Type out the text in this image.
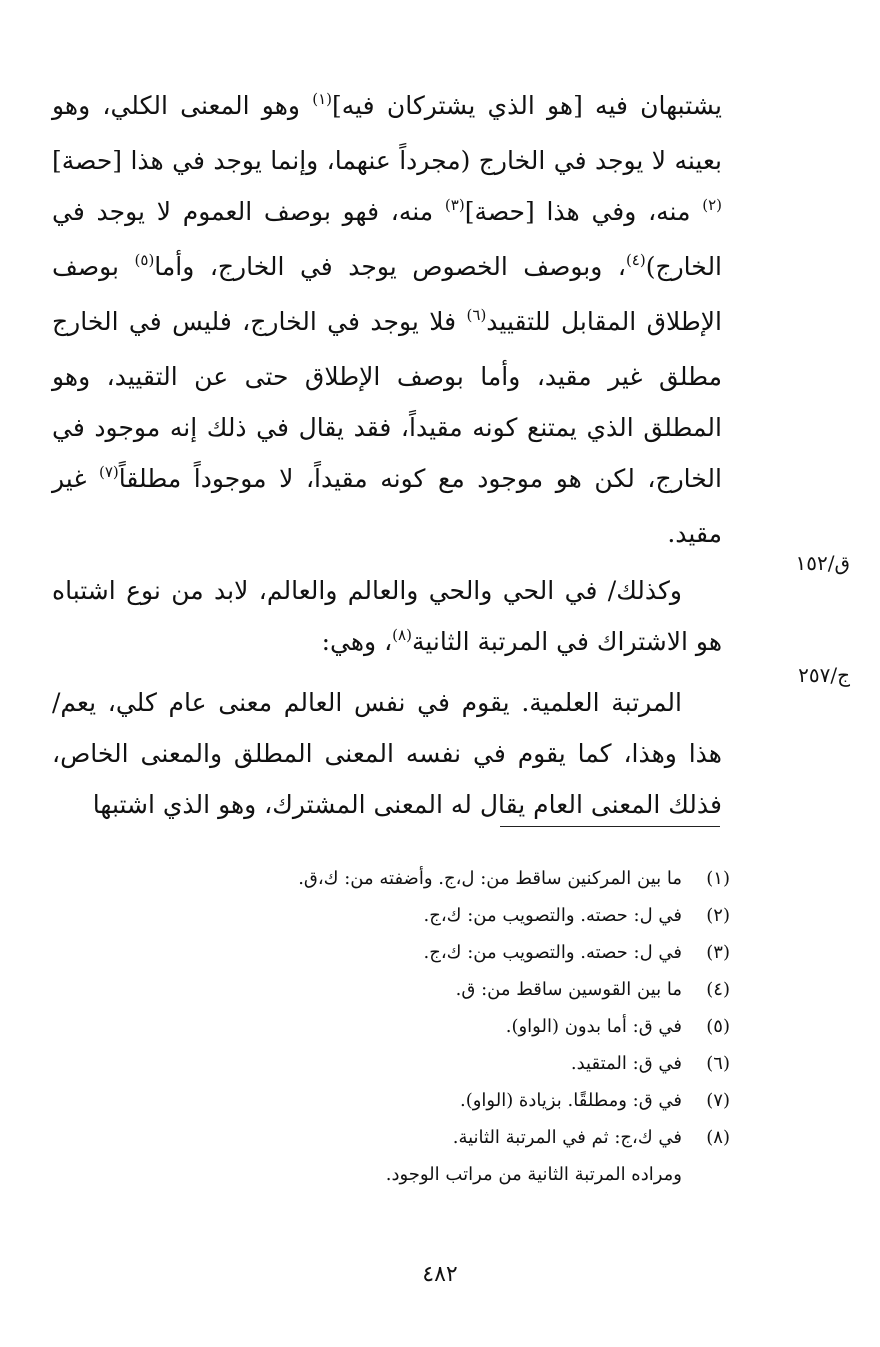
يشتبهان فيه [هو الذي يشتركان فيه]$^{(١)}$ وهو المعنى الكلي، وهو بعينه لا يوجد في الخارج (مجرداً عنهما، وإنما يوجد في هذا [حصة]$^{(٢)}$ منه، وفي هذا [حصة]$^{(٣)}$ منه، فهو بوصف العموم لا يوجد في الخارج)$^{(٤)}$، وبوصف الخصوص يوجد في الخارج، وأما$^{(٥)}$ بوصف الإطلاق المقابل للتقييد$^{(٦)}$ فلا يوجد في الخارج، فليس في الخارج مطلق غير مقيد، وأما بوصف الإطلاق حتى عن التقييد، وهو المطلق الذي يمتنع كونه مقيداً، فقد يقال في ذلك إنه موجود في الخارج، لكن هو موجود مع كونه مقيداً، لا موجوداً مطلقاً$^{(٧)}$ غير مقيد.

وكذلك/ في الحي والحي والعالم والعالم، لابد من نوع اشتباه هو الاشتراك في المرتبة الثانية$^{(٨)}$، وهي:

المرتبة العلمية. يقوم في نفس العالم معنى عام كلي، يعم/ هذا وهذا، كما يقوم في نفسه المعنى المطلق والمعنى الخاص، فذلك المعنى العام يقال له المعنى المشترك، وهو الذي اشتبها

ق/١٥٢
ج/٢٥٧
(١)
ما بين المركنين ساقط من: ل،ج. وأضفته من: ك،ق.
(٢)
في ل: حصته. والتصويب من: ك،ج.
(٣)
في ل: حصته. والتصويب من: ك،ج.
(٤)
ما بين القوسين ساقط من: ق.
(٥)
في ق: أما بدون (الواو).
(٦)
في ق: المتقيد.
(٧)
في ق: ومطلقًا. بزيادة (الواو).
(٨)
في ك،ج: ثم في المرتبة الثانية.
ومراده المرتبة الثانية من مراتب الوجود.
٤٨٢
